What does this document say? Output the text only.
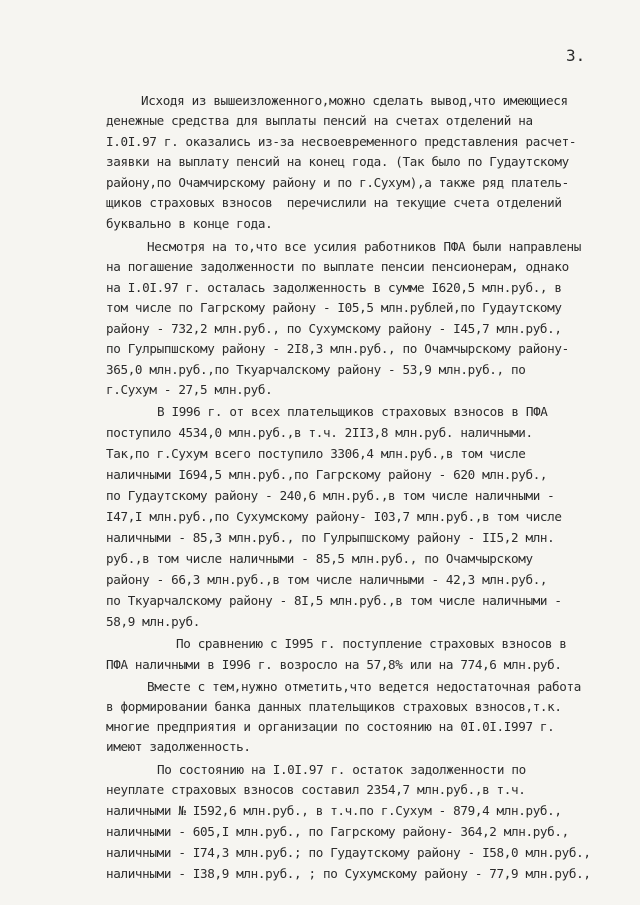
3.
Исходя из вышеизложенного,можно сделать вывод,что имеющиеся
денежные средства для выплаты пенсий на счетах отделений на
I.0I.97 г. оказались из-за несвоевременного представления расчет-
заявки на выплату пенсий на конец года. (Так было по Гудаутскому
району,по Очамчирскому району и по г.Сухум),а также ряд платель-
щиков страховых взносов  перечислили на текущие счета отделений
буквально в конце года.
Несмотря на то,что все усилия работников ПФА были направлены
на погашение задолженности по выплате пенсии пенсионерам, однако
на I.0I.97 г. осталась задолженность в сумме I620,5 млн.руб., в
том числе по Гагрскому району - I05,5 млн.рублей,по Гудаутскому
району - 732,2 млн.руб., по Сухумскому району - I45,7 млн.руб.,
по Гулрыпшскому району - 2I8,3 млн.руб., по Очамчырскому району-
365,0 млн.руб.,по Ткуарчалскому району - 53,9 млн.руб., по
г.Сухум - 27,5 млн.руб.
В I996 г. от всех плательщиков страховых взносов в ПФА
поступило 4534,0 млн.руб.,в т.ч. 2II3,8 млн.руб. наличными.
Так,по г.Сухум всего поступило 3306,4 млн.руб.,в том числе
наличными I694,5 млн.руб.,по Гагрскому району - 620 млн.руб.,
по Гудаутскому району - 240,6 млн.руб.,в том числе наличными -
I47,I млн.руб.,по Сухумскому району- I03,7 млн.руб.,в том числе
наличными - 85,3 млн.руб., по Гулрыпшскому району - II5,2 млн.
руб.,в том числе наличными - 85,5 млн.руб., по Очамчырскому
району - 66,3 млн.руб.,в том числе наличными - 42,3 млн.руб.,
по Ткуарчалскому району - 8I,5 млн.руб.,в том числе наличными -
58,9 млн.руб.
По сравнению с I995 г. поступление страховых взносов в
ПФА наличными в I996 г. возросло на 57,8% или на 774,6 млн.руб.
Вместе с тем,нужно отметить,что ведется недостаточная работа
в формировании банка данных плательщиков страховых взносов,т.к.
многие предприятия и организации по состоянию на 0I.0I.I997 г.
имеют задолженность.
По состоянию на I.0I.97 г. остаток задолженности по
неуплате страховых взносов составил 2354,7 млн.руб.,в т.ч.
наличными № I592,6 млн.руб., в т.ч.по г.Сухум - 879,4 млн.руб.,
наличными - 605,I млн.руб., по Гагрскому району- 364,2 млн.руб.,
наличными - I74,3 млн.руб.; по Гудаутскому району - I58,0 млн.руб.,
наличными - I38,9 млн.руб., ; по Сухумскому району - 77,9 млн.руб.,
